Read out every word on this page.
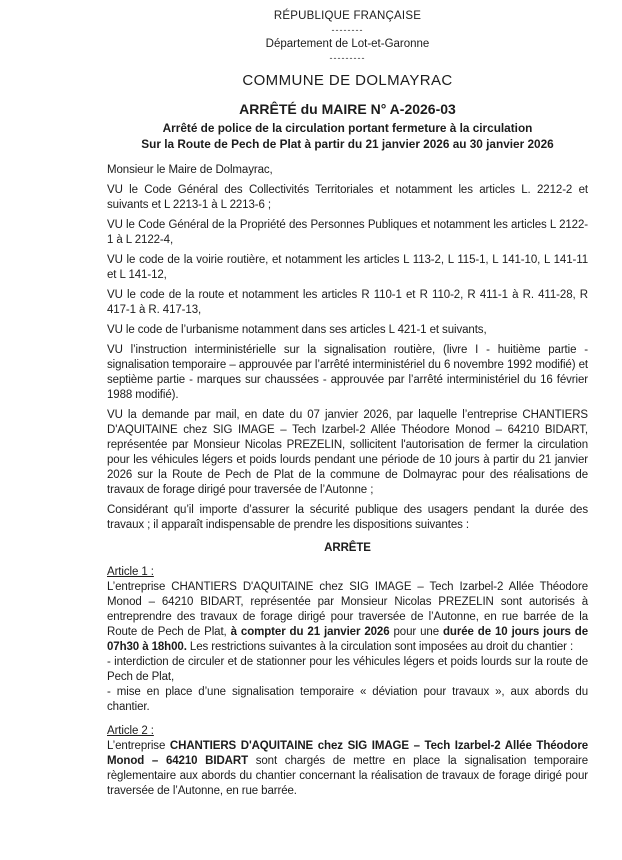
RÉPUBLIQUE FRANÇAISE
--------
Département de Lot-et-Garonne
---------
COMMUNE DE DOLMAYRAC
ARRÊTÉ du MAIRE N° A-2026-03
Arrêté de police de la circulation portant fermeture à la circulation
Sur la Route de Pech de Plat à partir du 21 janvier 2026 au 30 janvier 2026

Monsieur le Maire de Dolmayrac,

VU le Code Général des Collectivités Territoriales et notamment les articles L. 2212-2 et suivants et L 2213-1 à L 2213-6 ;

VU le Code Général de la Propriété des Personnes Publiques et notamment les articles L 2122-1 à L 2122-4,

VU le code de la voirie routière, et notamment les articles L 113-2, L 115-1, L 141-10, L 141-11 et L 141-12,

VU le code de la route et notamment les articles R 110-1 et R 110-2, R 411-1 à R. 411-28, R 417-1 à R. 417-13,

VU le code de l’urbanisme notamment dans ses articles L 421-1 et suivants,

VU l’instruction interministérielle sur la signalisation routière, (livre I - huitième partie - signalisation temporaire – approuvée par l’arrêté interministériel du 6 novembre 1992 modifié) et septième partie - marques sur chaussées - approuvée par l’arrêté interministériel du 16 février 1988 modifié).

VU la demande par mail, en date du 07 janvier 2026, par laquelle l’entreprise CHANTIERS D'AQUITAINE chez SIG IMAGE – Tech Izarbel-2 Allée Théodore Monod – 64210 BIDART, représentée par Monsieur Nicolas PREZELIN, sollicitent l'autorisation de fermer la circulation pour les véhicules légers et poids lourds pendant une période de 10 jours à partir du 21 janvier 2026 sur la Route de Pech de Plat de la commune de Dolmayrac pour des réalisations de travaux de forage dirigé pour traversée de l’Autonne ;

Considérant qu’il importe d’assurer la sécurité publique des usagers pendant la durée des travaux ; il apparaît indispensable de prendre les dispositions suivantes :

ARRÊTE

Article 1 :

L’entreprise CHANTIERS D'AQUITAINE chez SIG IMAGE – Tech Izarbel-2 Allée Théodore Monod – 64210 BIDART, représentée par Monsieur Nicolas PREZELIN sont autorisés à entreprendre des travaux de forage dirigé pour traversée de l’Autonne, en rue barrée de la Route de Pech de Plat, à compter du 21 janvier 2026 pour une durée de 10 jours jours de 07h30 à 18h00. Les restrictions suivantes à la circulation sont imposées au droit du chantier :

- interdiction de circuler et de stationner pour les véhicules légers et poids lourds sur la route de Pech de Plat,

- mise en place d’une signalisation temporaire « déviation pour travaux », aux abords du chantier.

Article 2 :

L’entreprise CHANTIERS D'AQUITAINE chez SIG IMAGE – Tech Izarbel-2 Allée Théodore Monod – 64210 BIDART sont chargés de mettre en place la signalisation temporaire règlementaire aux abords du chantier concernant la réalisation de travaux de forage dirigé pour traversée de l’Autonne, en rue barrée.
